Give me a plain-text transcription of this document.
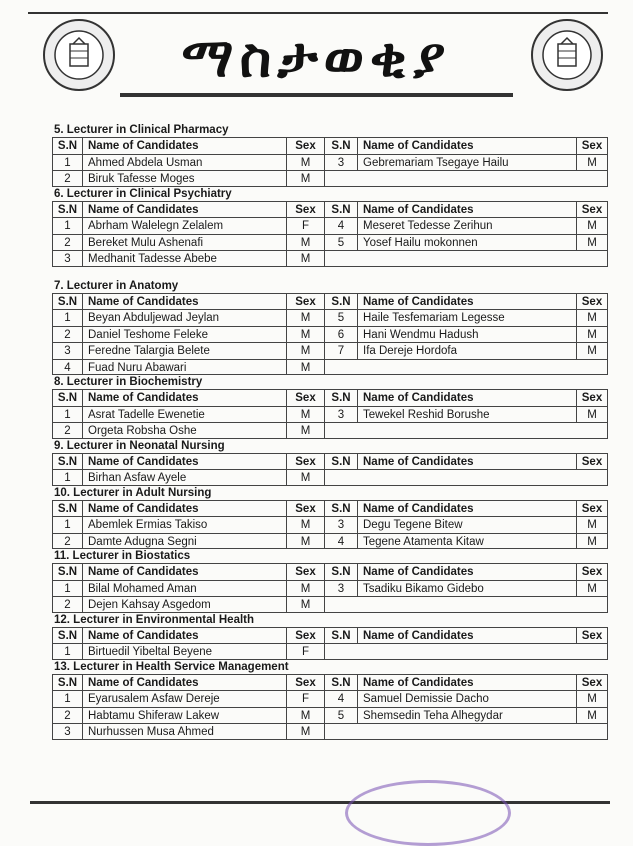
ማስታወቂያ
5. Lecturer in Clinical Pharmacy
S.N Name of Candidates	Sex	S.N	Name of Candidates	Sex
1	Ahmed Abdela Usman	M	3	Gebremariam Tsegaye Hailu	M
2	Biruk Tafesse Moges	M
6. Lecturer in Clinical Psychiatry
S.N Name of Candidates	Sex	S.N	Name of Candidates	Sex
1	Abrham Walelegn Zelalem	F	4	Meseret Tedesse Zerihun	M
2	Bereket Mulu Ashenafi	M	5	Yosef Hailu mokonnen	M
3	Medhanit Tadesse Abebe	M
7. Lecturer in Anatomy
S.N Name of Candidates	Sex	S.N	Name of Candidates	Sex
1	Beyan Abduljewad Jeylan	M	5	Haile Tesfemariam Legesse	M
2	Daniel Teshome Feleke	M	6	Hani Wendmu Hadush	M
3	Feredne Talargia Belete	M	7	Ifa Dereje Hordofa	M
4	Fuad Nuru Abawari	M
8. Lecturer in Biochemistry
S.N Name of Candidates	Sex	S.N	Name of Candidates	Sex
1	Asrat Tadelle Ewenetie	M	3	Tewekel Reshid Borushe	M
2	Orgeta Robsha Oshe	M
9. Lecturer in Neonatal Nursing
S.N Name of Candidates	Sex	S.N	Name of Candidates	Sex
1	Birhan Asfaw Ayele	M
10. Lecturer in Adult Nursing
S.N Name of Candidates	Sex	S.N	Name of Candidates	Sex
1	Abemlek Ermias Takiso	M	3	Degu Tegene Bitew	M
2	Damte Adugna Segni	M	4	Tegene Atamenta Kitaw	M
11. Lecturer in Biostatics
S.N Name of Candidates	Sex	S.N	Name of Candidates	Sex
1	Bilal Mohamed Aman	M	3	Tsadiku Bikamo Gidebo	M
2	Dejen Kahsay Asgedom	M
12. Lecturer in Environmental Health
S.N Name of Candidates	Sex	S.N	Name of Candidates	Sex
1	Birtuedil Yibeltal Beyene	F
13. Lecturer in Health Service Management
S.N Name of Candidates	Sex	S.N	Name of Candidates	Sex
1	Eyarusalem Asfaw Dereje	F	4	Samuel Demissie Dacho	M
2	Habtamu Shiferaw Lakew	M	5	Shemsedin Teha Alhegydar	M
3	Nurhussen Musa Ahmed	M
